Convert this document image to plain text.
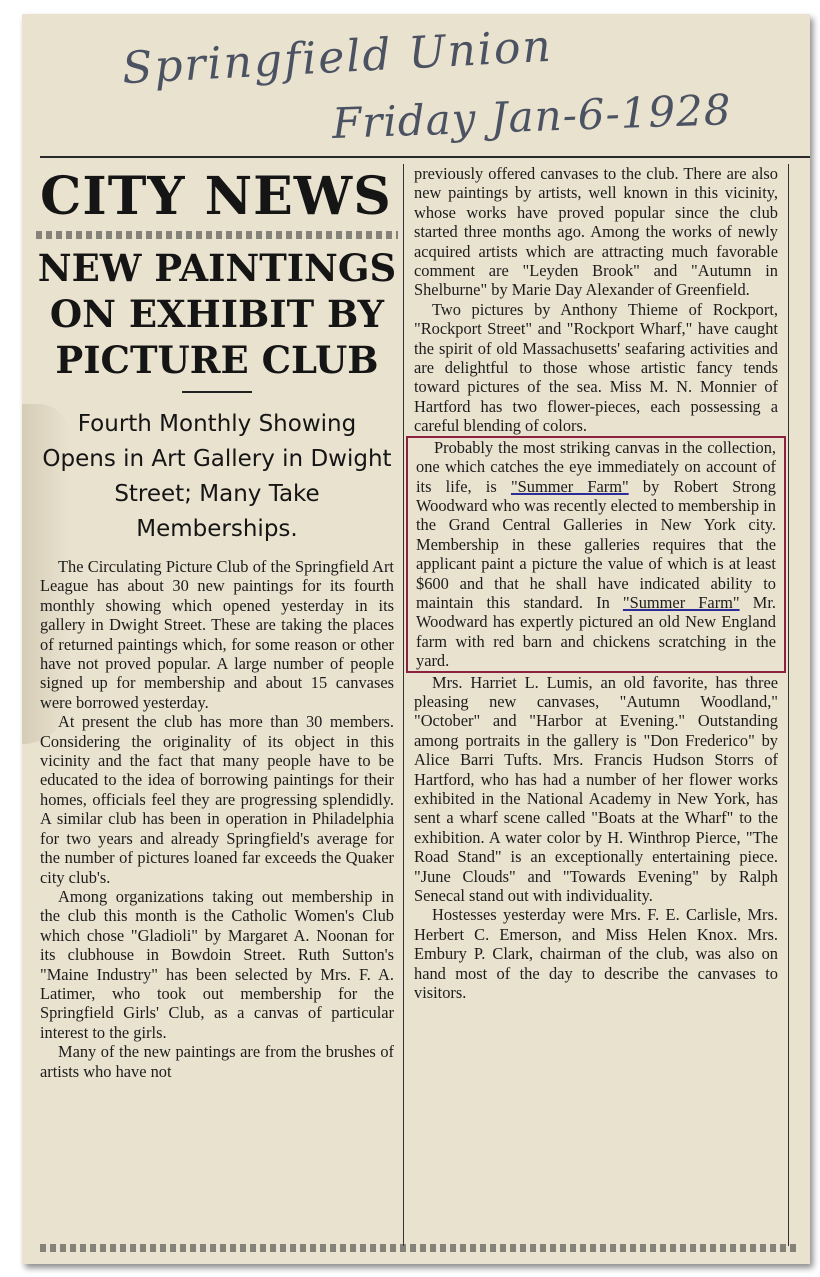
Springfield Union
Friday Jan-6-1928
CITY NEWS
NEW PAINTINGS ON EXHIBIT BY PICTURE CLUB
Fourth Monthly Showing Opens in Art Gallery in Dwight Street; Many Take Memberships.

The Circulating Picture Club of the Springfield Art League has about 30 new paintings for its fourth monthly showing which opened yesterday in its gallery in Dwight Street. These are taking the places of returned paintings which, for some reason or other have not proved popular. A large number of people signed up for membership and about 15 canvases were borrowed yesterday.

At present the club has more than 30 members. Considering the originality of its object in this vicinity and the fact that many people have to be educated to the idea of borrowing paintings for their homes, officials feel they are progressing splendidly. A similar club has been in operation in Philadelphia for two years and already Springfield's average for the number of pictures loaned far exceeds the Quaker city club's.

Among organizations taking out membership in the club this month is the Catholic Women's Club which chose "Gladioli" by Margaret A. Noonan for its clubhouse in Bowdoin Street. Ruth Sutton's "Maine Industry" has been selected by Mrs. F. A. Latimer, who took out membership for the Springfield Girls' Club, as a canvas of particular interest to the girls.

Many of the new paintings are from the brushes of artists who have not

previously offered canvases to the club. There are also new paintings by artists, well known in this vicinity, whose works have proved popular since the club started three months ago. Among the works of newly acquired artists which are attracting much favorable comment are "Leyden Brook" and "Autumn in Shelburne" by Marie Day Alexander of Greenfield.

Two pictures by Anthony Thieme of Rockport, "Rockport Street" and "Rockport Wharf," have caught the spirit of old Massachusetts' seafaring activities and are delightful to those whose artistic fancy tends toward pictures of the sea. Miss M. N. Monnier of Hartford has two flower-pieces, each possessing a careful blending of colors.

Probably the most striking canvas in the collection, one which catches the eye immediately on account of its life, is "Summer Farm" by Robert Strong Woodward who was recently elected to membership in the Grand Central Galleries in New York city. Membership in these galleries requires that the applicant paint a picture the value of which is at least $600 and that he shall have indicated ability to maintain this standard. In "Summer Farm" Mr. Woodward has expertly pictured an old New England farm with red barn and chickens scratching in the yard.

Mrs. Harriet L. Lumis, an old favorite, has three pleasing new canvases, "Autumn Woodland," "October" and "Harbor at Evening." Outstanding among portraits in the gallery is "Don Frederico" by Alice Barri Tufts. Mrs. Francis Hudson Storrs of Hartford, who has had a number of her flower works exhibited in the National Academy in New York, has sent a wharf scene called "Boats at the Wharf" to the exhibition. A water color by H. Winthrop Pierce, "The Road Stand" is an exceptionally entertaining piece. "June Clouds" and "Towards Evening" by Ralph Senecal stand out with individuality.

Hostesses yesterday were Mrs. F. E. Carlisle, Mrs. Herbert C. Emerson, and Miss Helen Knox. Mrs. Embury P. Clark, chairman of the club, was also on hand most of the day to describe the canvases to visitors.
